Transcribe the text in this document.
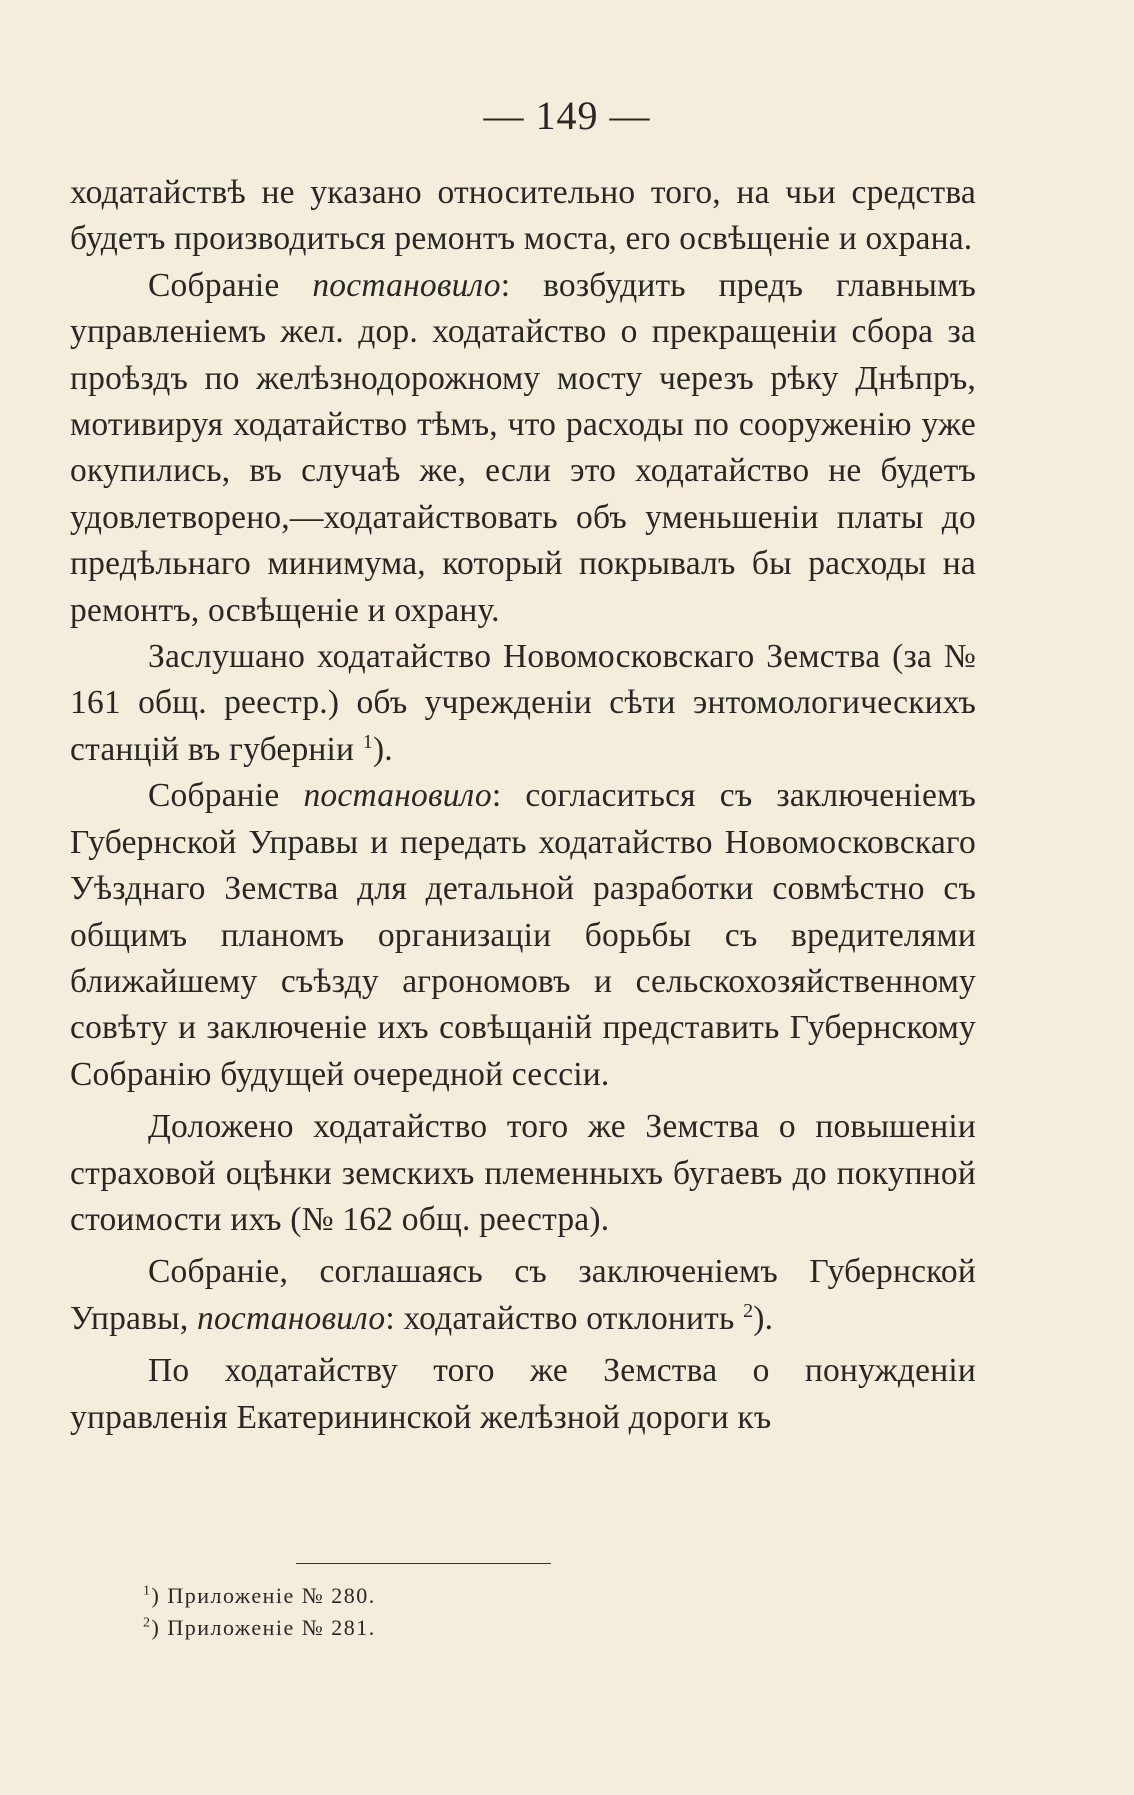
— 149 —

ходатайствѣ не указано относительно того, на чьи средства будетъ производиться ремонтъ моста, его освѣщеніе и охрана.

Собраніе постановило: возбудить предъ главнымъ управленіемъ жел. дор. ходатайство о прекращеніи сбора за проѣздъ по желѣзнодорожному мосту черезъ рѣку Днѣпръ, мотивируя ходатайство тѣмъ, что расходы по сооруженію уже окупились, въ случаѣ же, если это ходатайство не будетъ удовлетворено,—ходатайствовать объ уменьшеніи платы до предѣльнаго минимума, который покрывалъ бы расходы на ремонтъ, освѣщеніе и охрану.

Заслушано ходатайство Новомосковскаго Земства (за № 161 общ. реестр.) объ учрежденіи сѣти энтомологическихъ станцій въ губерніи $^1$).

Собраніе постановило: согласиться съ заключеніемъ Губернской Управы и передать ходатайство Новомосковскаго Уѣзднаго Земства для детальной разработки совмѣстно съ общимъ планомъ организаціи борьбы съ вредителями ближайшему съѣзду агрономовъ и сельскохозяйственному совѣту и заключеніе ихъ совѣщаній представить Губернскому Собранію будущей очередной сессіи.

Доложено ходатайство того же Земства о повышеніи страховой оцѣнки земскихъ племенныхъ бугаевъ до покупной стоимости ихъ (№ 162 общ. реестра).

Собраніе, соглашаясь съ заключеніемъ Губернской Управы, постановило: ходатайство отклонить $^2$).

По ходатайству того же Земства о понужденіи управленія Екатерининской желѣзной дороги къ

$^1$) Приложеніе № 280.
$^2$) Приложеніе № 281.
